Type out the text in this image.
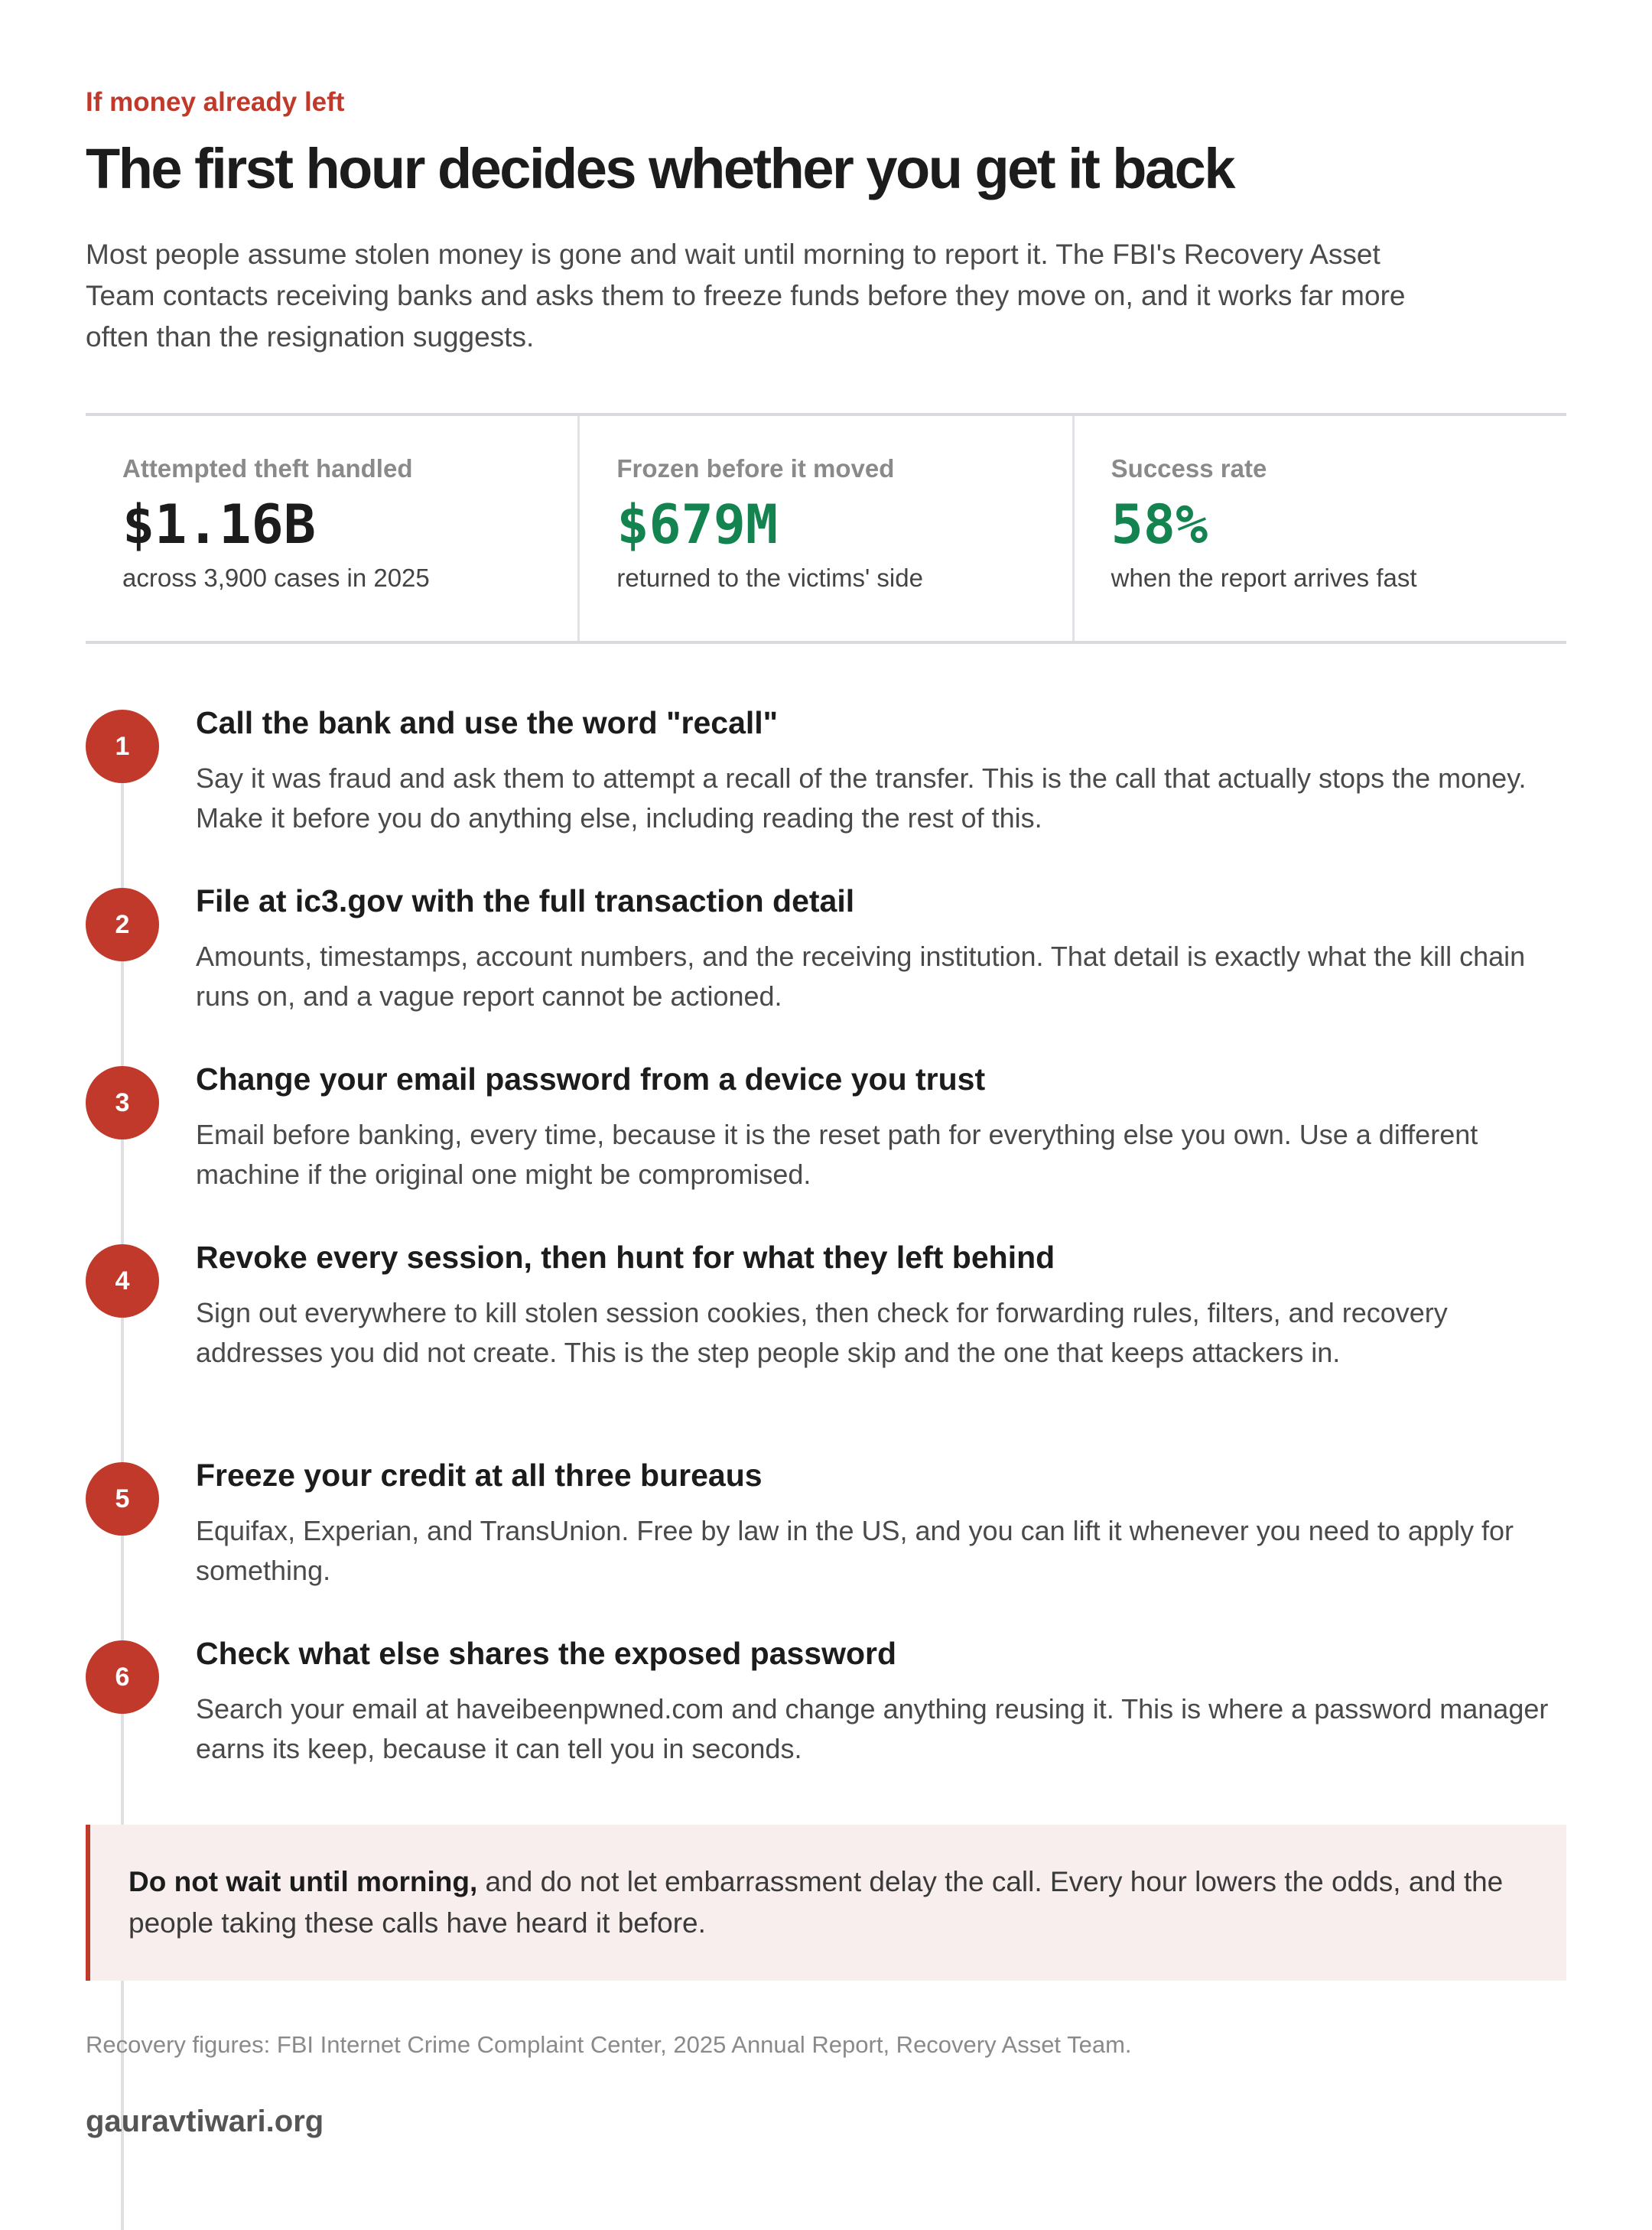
If money already left
The first hour decides whether you get it back

Most people assume stolen money is gone and wait until morning to report it. The FBI's Recovery Asset Team contacts receiving banks and asks them to freeze funds before they move on, and it works far more often than the resignation suggests.

Attempted theft handled
$1.16B
across 3,900 cases in 2025
Frozen before it moved
$679M
returned to the victims' side
Success rate
58%
when the report arrives fast
1
Call the bank and use the word "recall"
Say it was fraud and ask them to attempt a recall of the transfer. This is the call that actually stops the money. Make it before you do anything else, including reading the rest of this.
2
File at ic3.gov with the full transaction detail
Amounts, timestamps, account numbers, and the receiving institution. That detail is exactly what the kill chain runs on, and a vague report cannot be actioned.
3
Change your email password from a device you trust
Email before banking, every time, because it is the reset path for everything else you own. Use a different machine if the original one might be compromised.
4
Revoke every session, then hunt for what they left behind
Sign out everywhere to kill stolen session cookies, then check for forwarding rules, filters, and recovery addresses you did not create. This is the step people skip and the one that keeps attackers in.
5
Freeze your credit at all three bureaus
Equifax, Experian, and TransUnion. Free by law in the US, and you can lift it whenever you need to apply for something.
6
Check what else shares the exposed password
Search your email at haveibeenpwned.com and change anything reusing it. This is where a password manager earns its keep, because it can tell you in seconds.
Do not wait until morning, and do not let embarrassment delay the call. Every hour lowers the odds, and the people taking these calls have heard it before.
Recovery figures: FBI Internet Crime Complaint Center, 2025 Annual Report, Recovery Asset Team.
gauravtiwari.org
